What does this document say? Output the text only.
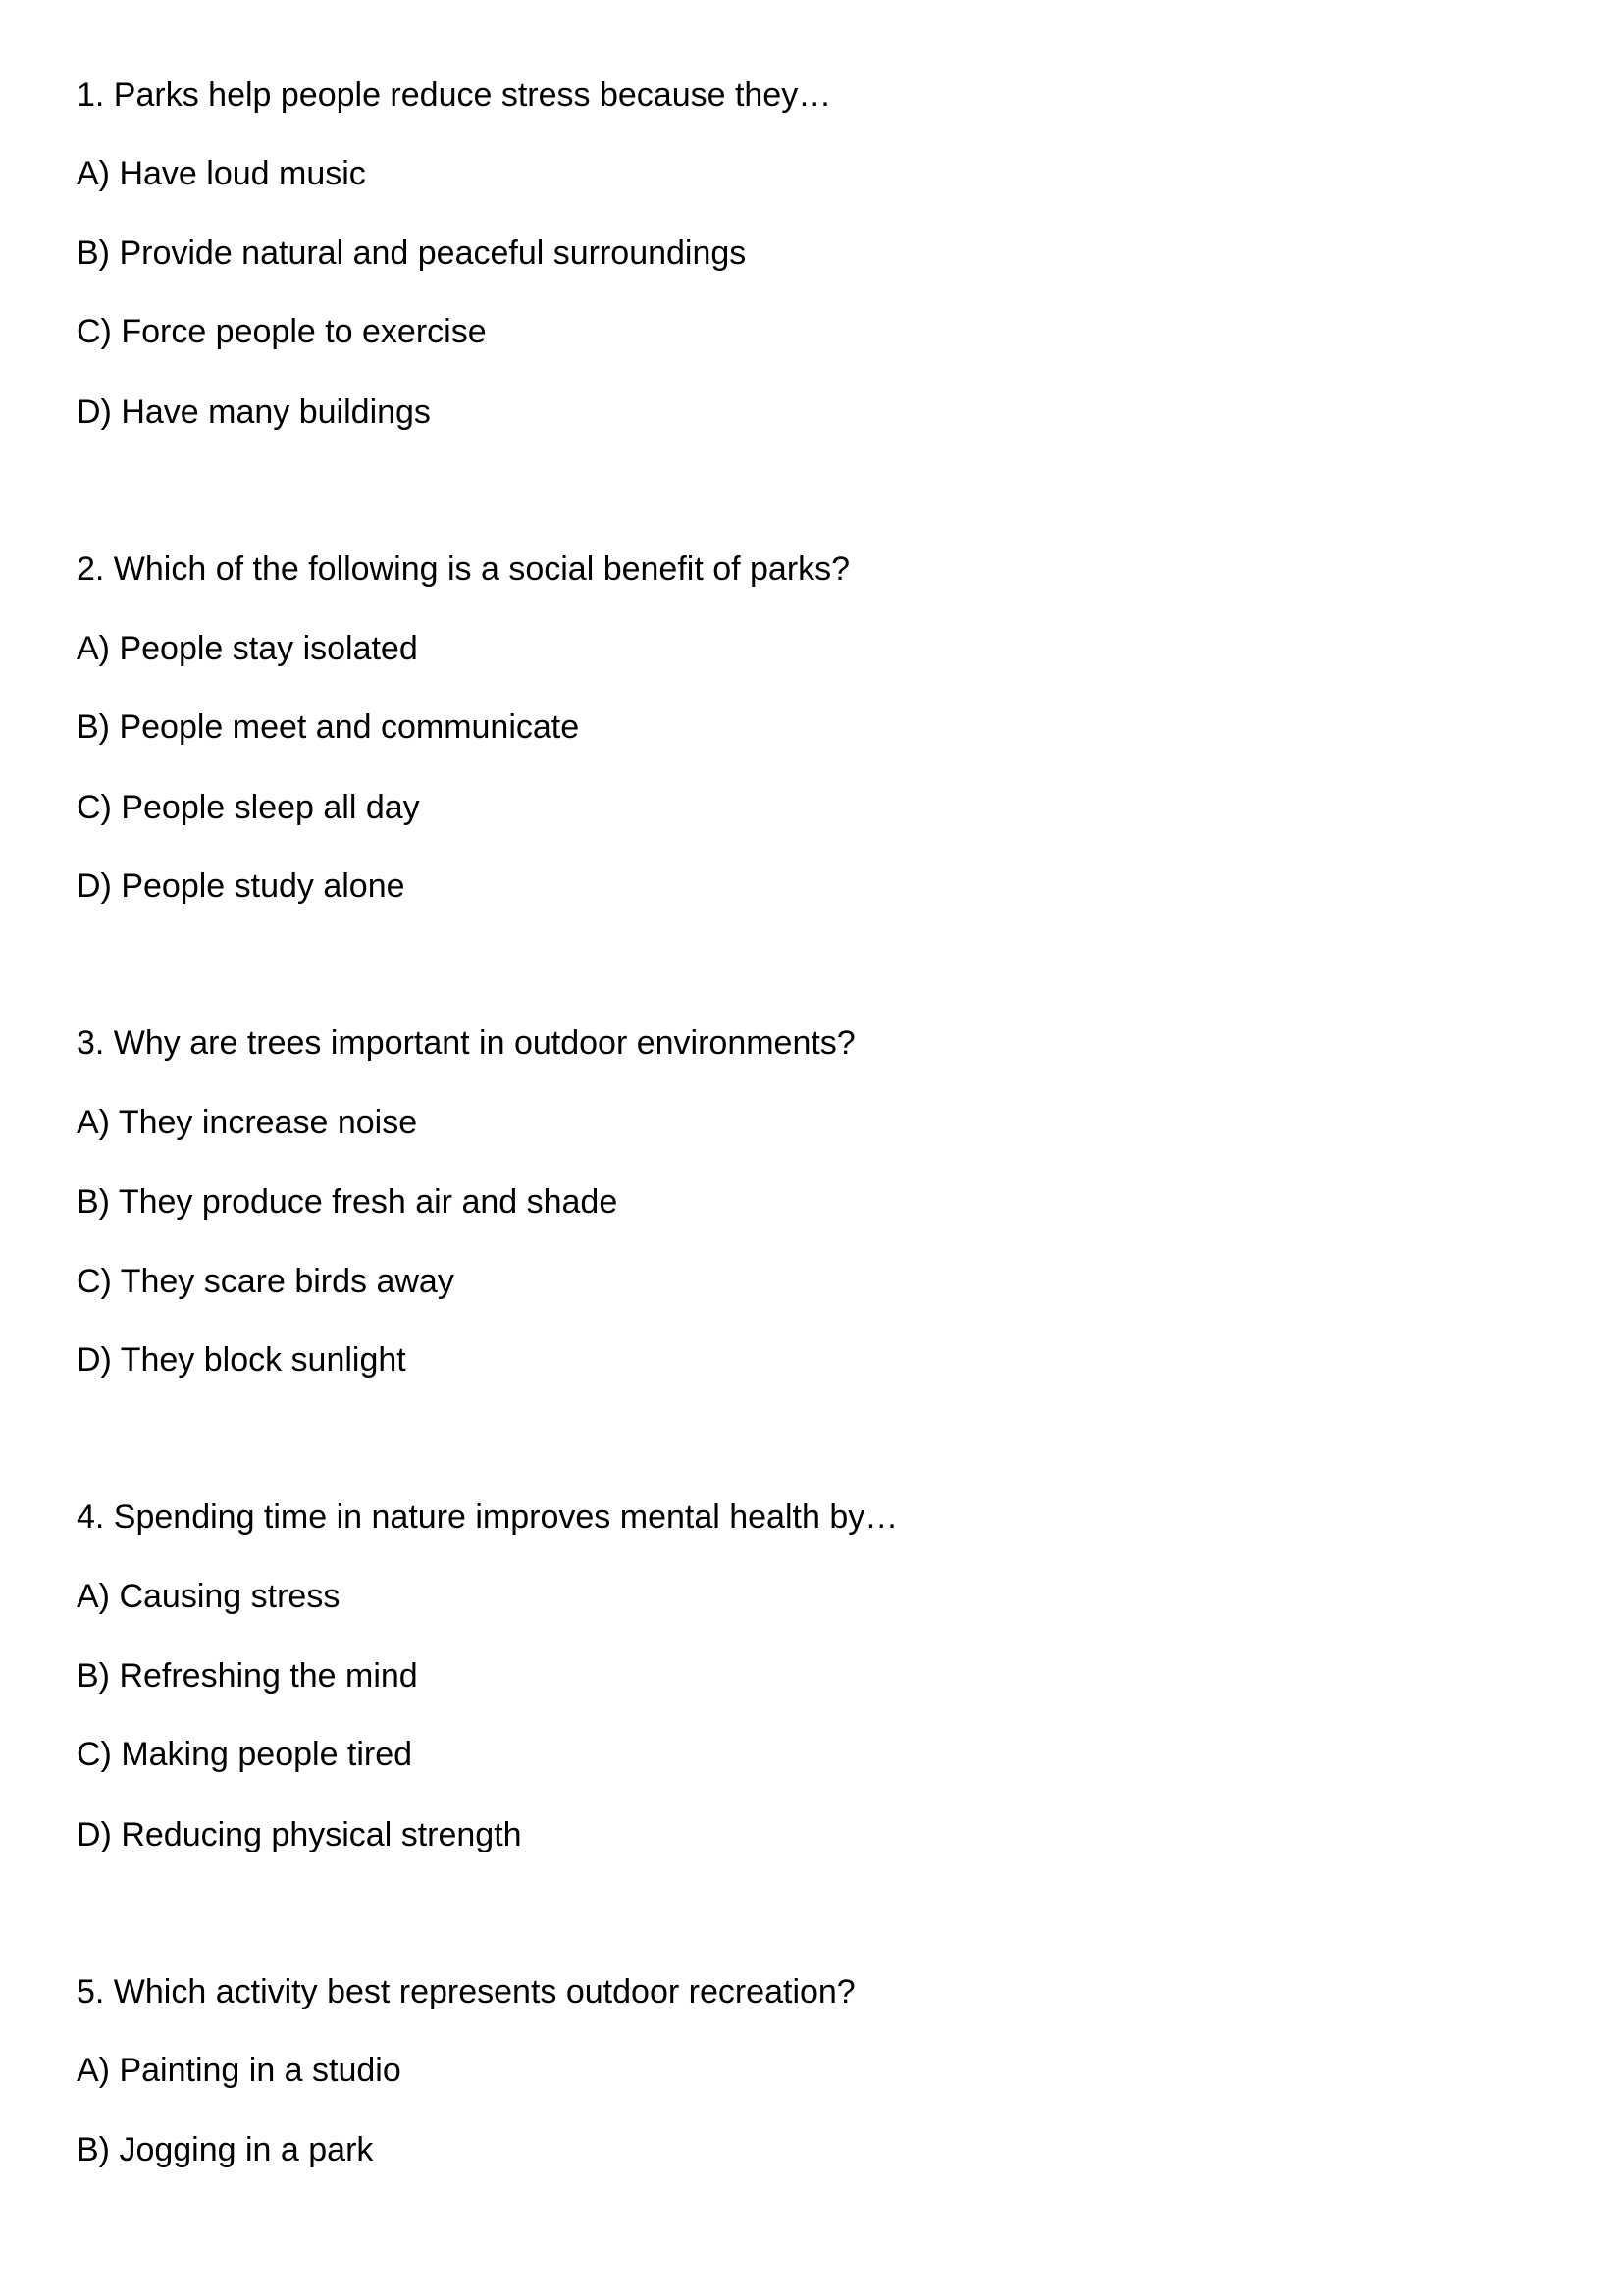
1. Parks help people reduce stress because they…
A) Have loud music
B) Provide natural and peaceful surroundings
C) Force people to exercise
D) Have many buildings
2. Which of the following is a social benefit of parks?
A) People stay isolated
B) People meet and communicate
C) People sleep all day
D) People study alone
3. Why are trees important in outdoor environments?
A) They increase noise
B) They produce fresh air and shade
C) They scare birds away
D) They block sunlight
4. Spending time in nature improves mental health by…
A) Causing stress
B) Refreshing the mind
C) Making people tired
D) Reducing physical strength
5. Which activity best represents outdoor recreation?
A) Painting in a studio
B) Jogging in a park
